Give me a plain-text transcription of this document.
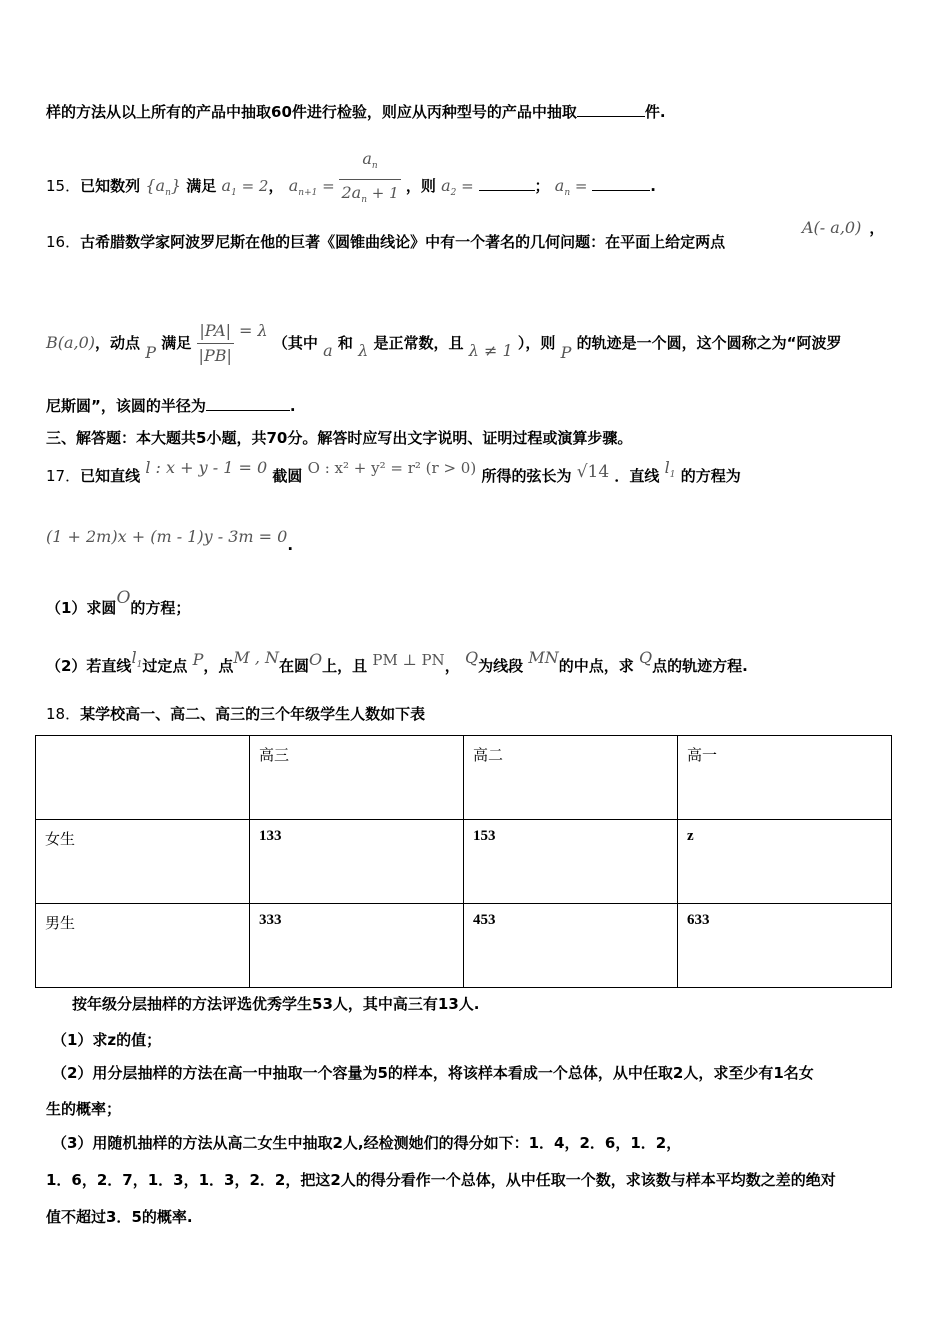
样的方法从以上所有的产品中抽取60件进行检验，则应从丙种型号的产品中抽取	件.
15．已知数列 $\{a_n\}$ 满足 $a_1 = 2$， $a_{n+1} = \frac{a_n}{2a_n + 1}$ ，则 $a_2$ =	； $a_n$ =	.
16．古希腊数学家阿波罗尼斯在他的巨著《圆锥曲线论》中有一个著名的几何问题：在平面上给定两点
A(- a,0) ，
B(a,0)，动点 P 满足 $\frac{|PA|}{|PB|} = \lambda$ （其中 a 和 λ 是正常数，且 λ ≠ 1 ），则 P 的轨迹是一个圆，这个圆称之为“阿波罗
尼斯圆”，该圆的半径为	.
三、解答题：本大题共5小题，共70分。解答时应写出文字说明、证明过程或演算步骤。
17．已知直线 l : x + y - 1 = 0 截圆 O : x² + y² = r² (r > 0) 所得的弦长为 √14 ．直线 $l_1$ 的方程为
(1 + 2m)x + (m - 1)y - 3m = 0.
（1）求圆O的方程；
（2）若直线$l_1$过定点 P，点M , N在圆O上，且 PM ⊥ PN， Q为线段 MN的中点，求 Q点的轨迹方程.
18．某学校高一、高二、高三的三个年级学生人数如下表
	高三	高二	高一
女生	133	153	z
男生	333	453	633
按年级分层抽样的方法评选优秀学生53人，其中高三有13人.
（1）求z的值；
（2）用分层抽样的方法在高一中抽取一个容量为5的样本，将该样本看成一个总体，从中任取2人，求至少有1名女
生的概率；
（3）用随机抽样的方法从高二女生中抽取2人,经检测她们的得分如下：1．4，2．6，1．2，
1．6，2．7，1．3，1．3，2．2，把这2人的得分看作一个总体，从中任取一个数，求该数与样本平均数之差的绝对
值不超过3．5的概率.
